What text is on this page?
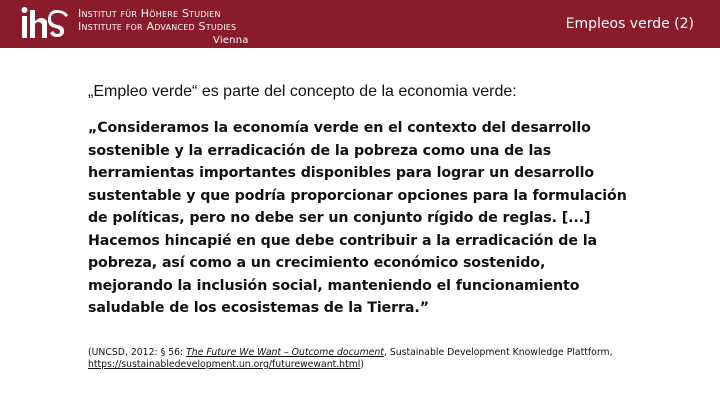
Institut für Höhere Studien
Institute for Advanced Studies
Vienna
Empleos verde (2)
„Empleo verde“ es parte del concepto de la economia verde:
„Consideramos la economía verde en el contexto del desarrollo sostenible y la erradicación de la pobreza como una de las herramientas importantes disponibles para lograr un desarrollo sustentable y que podría proporcionar opciones para la formulación de políticas, pero no debe ser un conjunto rígido de reglas. [...] Hacemos hincapié en que debe contribuir a la erradicación de la pobreza, así como a un crecimiento económico sostenido, mejorando la inclusión social, manteniendo el funcionamiento saludable de los ecosistemas de la Tierra.”
(UNCSD, 2012: § 56: The Future We Want – Outcome document, Sustainable Development Knowledge Plattform, https://sustainabledevelopment.un.org/futurewewant.html)
